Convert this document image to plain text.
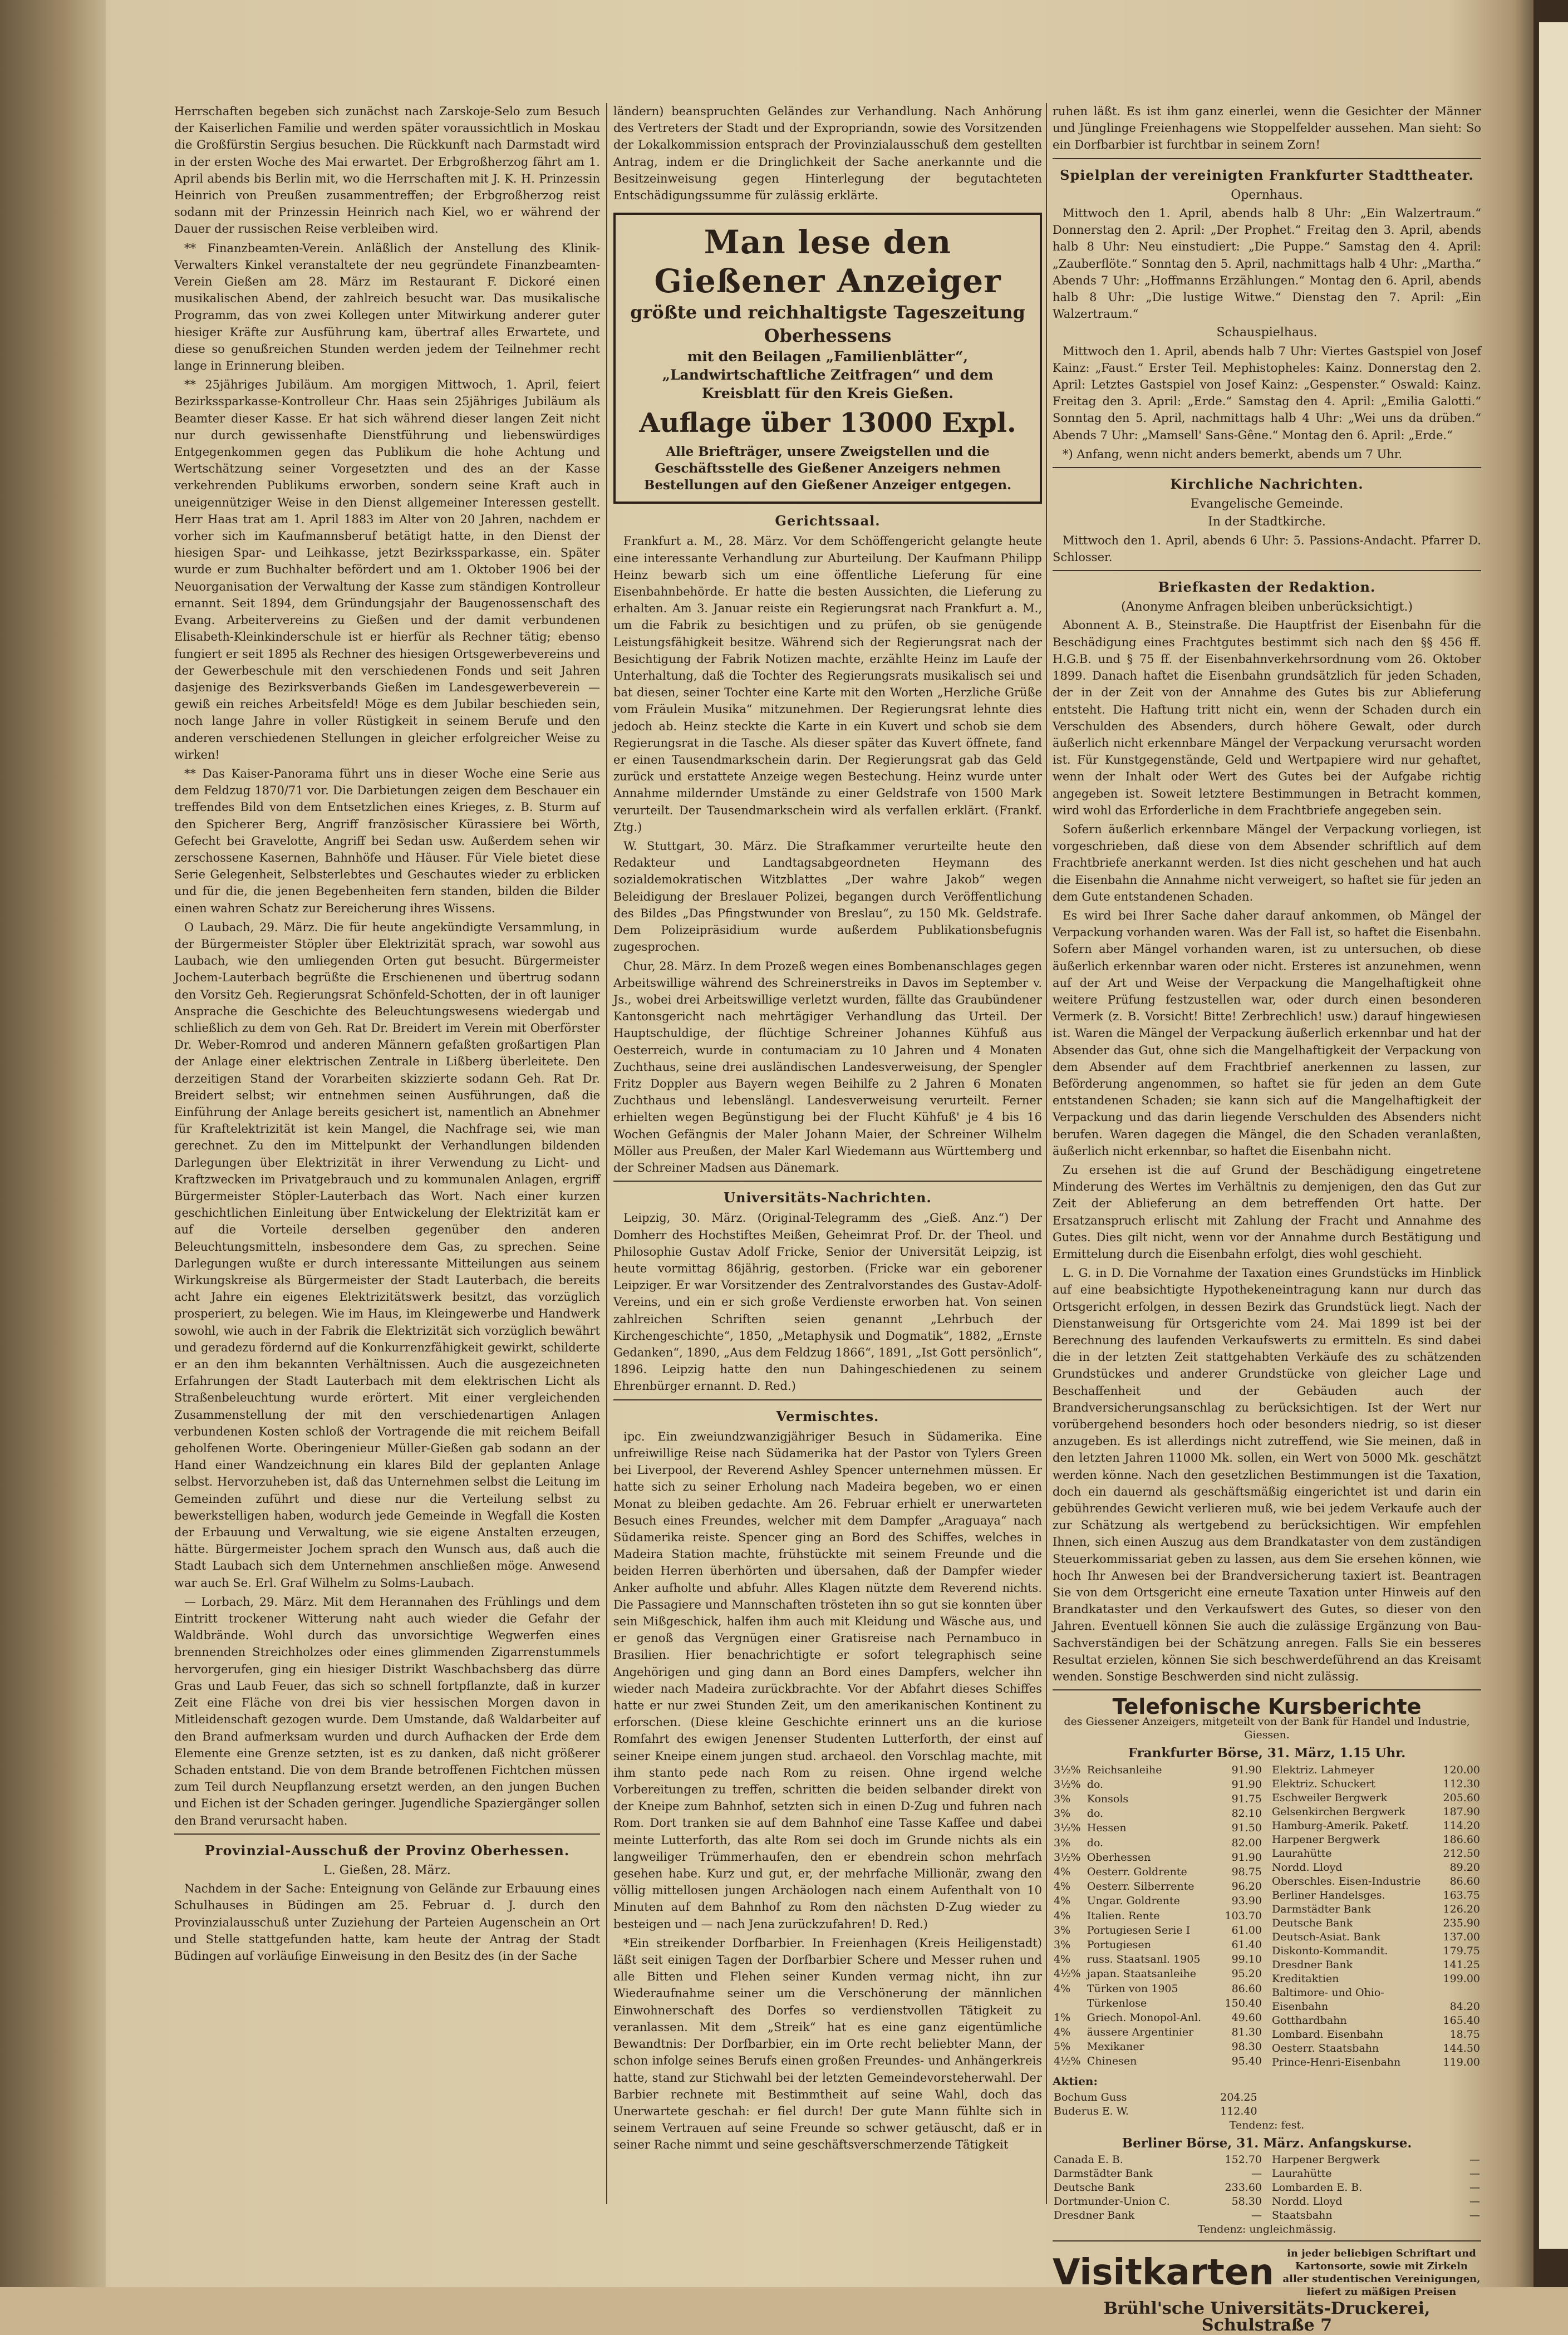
Herrschaften begeben sich zunächst nach Zarskoje-Selo zum Besuch der Kaiserlichen Familie und werden später voraussichtlich in Moskau die Großfürstin Sergius besuchen. Die Rückkunft nach Darmstadt wird in der ersten Woche des Mai erwartet. Der Erbgroßherzog fährt am 1. April abends bis Berlin mit, wo die Herrschaften mit J. K. H. Prinzessin Heinrich von Preußen zusammentreffen; der Erbgroßherzog reist sodann mit der Prinzessin Heinrich nach Kiel, wo er während der Dauer der russischen Reise verbleiben wird.

** Finanzbeamten-Verein. Anläßlich der Anstellung des Klinik-Verwalters Kinkel veranstaltete der neu gegründete Finanzbeamten-Verein Gießen am 28. März im Restaurant F. Dickoré einen musikalischen Abend, der zahlreich besucht war. Das musikalische Programm, das von zwei Kollegen unter Mitwirkung anderer guter hiesiger Kräfte zur Ausführung kam, übertraf alles Erwartete, und diese so genußreichen Stunden werden jedem der Teilnehmer recht lange in Erinnerung bleiben.

** 25jähriges Jubiläum. Am morgigen Mittwoch, 1. April, feiert Bezirkssparkasse-Kontrolleur Chr. Haas sein 25jähriges Jubiläum als Beamter dieser Kasse. Er hat sich während dieser langen Zeit nicht nur durch gewissenhafte Dienstführung und liebenswürdiges Entgegenkommen gegen das Publikum die hohe Achtung und Wertschätzung seiner Vorgesetzten und des an der Kasse verkehrenden Publikums erworben, sondern seine Kraft auch in uneigennütziger Weise in den Dienst allgemeiner Interessen gestellt. Herr Haas trat am 1. April 1883 im Alter von 20 Jahren, nachdem er vorher sich im Kaufmannsberuf betätigt hatte, in den Dienst der hiesigen Spar- und Leihkasse, jetzt Bezirkssparkasse, ein. Später wurde er zum Buchhalter befördert und am 1. Oktober 1906 bei der Neuorganisation der Verwaltung der Kasse zum ständigen Kontrolleur ernannt. Seit 1894, dem Gründungsjahr der Baugenossenschaft des Evang. Arbeitervereins zu Gießen und der damit verbundenen Elisabeth-Kleinkinderschule ist er hierfür als Rechner tätig; ebenso fungiert er seit 1895 als Rechner des hiesigen Ortsgewerbevereins und der Gewerbeschule mit den verschiedenen Fonds und seit Jahren dasjenige des Bezirksverbands Gießen im Landesgewerbeverein — gewiß ein reiches Arbeitsfeld! Möge es dem Jubilar beschieden sein, noch lange Jahre in voller Rüstigkeit in seinem Berufe und den anderen verschiedenen Stellungen in gleicher erfolgreicher Weise zu wirken!

** Das Kaiser-Panorama führt uns in dieser Woche eine Serie aus dem Feldzug 1870/71 vor. Die Darbietungen zeigen dem Beschauer ein treffendes Bild von dem Entsetzlichen eines Krieges, z. B. Sturm auf den Spicherer Berg, Angriff französischer Kürassiere bei Wörth, Gefecht bei Gravelotte, Angriff bei Sedan usw. Außerdem sehen wir zerschossene Kasernen, Bahnhöfe und Häuser. Für Viele bietet diese Serie Gelegenheit, Selbsterlebtes und Geschautes wieder zu erblicken und für die, die jenen Begebenheiten fern standen, bilden die Bilder einen wahren Schatz zur Bereicherung ihres Wissens.

O Laubach, 29. März. Die für heute angekündigte Versammlung, in der Bürgermeister Stöpler über Elektrizität sprach, war sowohl aus Laubach, wie den umliegenden Orten gut besucht. Bürgermeister Jochem-Lauterbach begrüßte die Erschienenen und übertrug sodann den Vorsitz Geh. Regierungsrat Schönfeld-Schotten, der in oft launiger Ansprache die Geschichte des Beleuchtungswesens wiedergab und schließlich zu dem von Geh. Rat Dr. Breidert im Verein mit Oberförster Dr. Weber-Romrod und anderen Männern gefaßten großartigen Plan der Anlage einer elektrischen Zentrale in Lißberg überleitete. Den derzeitigen Stand der Vorarbeiten skizzierte sodann Geh. Rat Dr. Breidert selbst; wir entnehmen seinen Ausführungen, daß die Einführung der Anlage bereits gesichert ist, namentlich an Abnehmer für Kraftelektrizität ist kein Mangel, die Nachfrage sei, wie man gerechnet. Zu den im Mittelpunkt der Verhandlungen bildenden Darlegungen über Elektrizität in ihrer Verwendung zu Licht- und Kraftzwecken im Privatgebrauch und zu kommunalen Anlagen, ergriff Bürgermeister Stöpler-Lauterbach das Wort. Nach einer kurzen geschichtlichen Einleitung über Entwickelung der Elektrizität kam er auf die Vorteile derselben gegenüber den anderen Beleuchtungsmitteln, insbesondere dem Gas, zu sprechen. Seine Darlegungen wußte er durch interessante Mitteilungen aus seinem Wirkungskreise als Bürgermeister der Stadt Lauterbach, die bereits acht Jahre ein eigenes Elektrizitätswerk besitzt, das vorzüglich prosperiert, zu belegen. Wie im Haus, im Kleingewerbe und Handwerk sowohl, wie auch in der Fabrik die Elektrizität sich vorzüglich bewährt und geradezu fördernd auf die Konkurrenzfähigkeit gewirkt, schilderte er an den ihm bekannten Verhältnissen. Auch die ausgezeichneten Erfahrungen der Stadt Lauterbach mit dem elektrischen Licht als Straßenbeleuchtung wurde erörtert. Mit einer vergleichenden Zusammenstellung der mit den verschiedenartigen Anlagen verbundenen Kosten schloß der Vortragende die mit reichem Beifall geholfenen Worte. Oberingenieur Müller-Gießen gab sodann an der Hand einer Wandzeichnung ein klares Bild der geplanten Anlage selbst. Hervorzuheben ist, daß das Unternehmen selbst die Leitung im Gemeinden zuführt und diese nur die Verteilung selbst zu bewerkstelligen haben, wodurch jede Gemeinde in Wegfall die Kosten der Erbauung und Verwaltung, wie sie eigene Anstalten erzeugen, hätte. Bürgermeister Jochem sprach den Wunsch aus, daß auch die Stadt Laubach sich dem Unternehmen anschließen möge. Anwesend war auch Se. Erl. Graf Wilhelm zu Solms-Laubach.

— Lorbach, 29. März. Mit dem Herannahen des Frühlings und dem Eintritt trockener Witterung naht auch wieder die Gefahr der Waldbrände. Wohl durch das unvorsichtige Wegwerfen eines brennenden Streichholzes oder eines glimmenden Zigarrenstummels hervorgerufen, ging ein hiesiger Distrikt Waschbachsberg das dürre Gras und Laub Feuer, das sich so schnell fortpflanzte, daß in kurzer Zeit eine Fläche von drei bis vier hessischen Morgen davon in Mitleidenschaft gezogen wurde. Dem Umstande, daß Waldarbeiter auf den Brand aufmerksam wurden und durch Aufhacken der Erde dem Elemente eine Grenze setzten, ist es zu danken, daß nicht größerer Schaden entstand. Die von dem Brande betroffenen Fichtchen müssen zum Teil durch Neupflanzung ersetzt werden, an den jungen Buchen und Eichen ist der Schaden geringer. Jugendliche Spaziergänger sollen den Brand verursacht haben.

Provinzial-Ausschuß der Provinz Oberhessen.
L. Gießen, 28. März.

Nachdem in der Sache: Enteignung von Gelände zur Erbauung eines Schulhauses in Büdingen am 25. Februar d. J. durch den Provinzialausschuß unter Zuziehung der Parteien Augenschein an Ort und Stelle stattgefunden hatte, kam heute der Antrag der Stadt Büdingen auf vorläufige Einweisung in den Besitz des (in der Sache

ländern) beanspruchten Geländes zur Verhandlung. Nach Anhörung des Vertreters der Stadt und der Expropriandn, sowie des Vorsitzenden der Lokalkommission entsprach der Provinzialausschuß dem gestellten Antrag, indem er die Dringlichkeit der Sache anerkannte und die Besitzeinweisung gegen Hinterlegung der begutachteten Entschädigungssumme für zulässig erklärte.

Man lese den Gießener Anzeiger
größte und reichhaltigste Tageszeitung Oberhessens
mit den Beilagen „Familienblätter“, „Landwirtschaftliche Zeitfragen“ und dem Kreisblatt für den Kreis Gießen.
Auflage über 13000 Expl.
Alle Briefträger, unsere Zweigstellen und die Geschäftsstelle des Gießener Anzeigers nehmen Bestellungen auf den Gießener Anzeiger entgegen.
Gerichtssaal.

Frankfurt a. M., 28. März. Vor dem Schöffengericht gelangte heute eine interessante Verhandlung zur Aburteilung. Der Kaufmann Philipp Heinz bewarb sich um eine öffentliche Lieferung für eine Eisenbahnbehörde. Er hatte die besten Aussichten, die Lieferung zu erhalten. Am 3. Januar reiste ein Regierungsrat nach Frankfurt a. M., um die Fabrik zu besichtigen und zu prüfen, ob sie genügende Leistungsfähigkeit besitze. Während sich der Regierungsrat nach der Besichtigung der Fabrik Notizen machte, erzählte Heinz im Laufe der Unterhaltung, daß die Tochter des Regierungsrats musikalisch sei und bat diesen, seiner Tochter eine Karte mit den Worten „Herzliche Grüße vom Fräulein Musika“ mitzunehmen. Der Regierungsrat lehnte dies jedoch ab. Heinz steckte die Karte in ein Kuvert und schob sie dem Regierungsrat in die Tasche. Als dieser später das Kuvert öffnete, fand er einen Tausendmarkschein darin. Der Regierungsrat gab das Geld zurück und erstattete Anzeige wegen Bestechung. Heinz wurde unter Annahme mildernder Umstände zu einer Geldstrafe von 1500 Mark verurteilt. Der Tausendmarkschein wird als verfallen erklärt. (Frankf. Ztg.)

W. Stuttgart, 30. März. Die Strafkammer verurteilte heute den Redakteur und Landtagsabgeordneten Heymann des sozialdemokratischen Witzblattes „Der wahre Jakob“ wegen Beleidigung der Breslauer Polizei, begangen durch Veröffentlichung des Bildes „Das Pfingstwunder von Breslau“, zu 150 Mk. Geldstrafe. Dem Polizeipräsidium wurde außerdem Publikationsbefugnis zugesprochen.

Chur, 28. März. In dem Prozeß wegen eines Bombenanschlages gegen Arbeitswillige während des Schreinerstreiks in Davos im September v. Js., wobei drei Arbeitswillige verletzt wurden, fällte das Graubündener Kantonsgericht nach mehrtägiger Verhandlung das Urteil. Der Hauptschuldige, der flüchtige Schreiner Johannes Kühfuß aus Oesterreich, wurde in contumaciam zu 10 Jahren und 4 Monaten Zuchthaus, seine drei ausländischen Landesverweisung, der Spengler Fritz Doppler aus Bayern wegen Beihilfe zu 2 Jahren 6 Monaten Zuchthaus und lebenslängl. Landesverweisung verurteilt. Ferner erhielten wegen Begünstigung bei der Flucht Kühfuß' je 4 bis 16 Wochen Gefängnis der Maler Johann Maier, der Schreiner Wilhelm Möller aus Preußen, der Maler Karl Wiedemann aus Württemberg und der Schreiner Madsen aus Dänemark.

Universitäts-Nachrichten.

Leipzig, 30. März. (Original-Telegramm des „Gieß. Anz.“) Der Domherr des Hochstiftes Meißen, Geheimrat Prof. Dr. der Theol. und Philosophie Gustav Adolf Fricke, Senior der Universität Leipzig, ist heute vormittag 86jährig, gestorben. (Fricke war ein geborener Leipziger. Er war Vorsitzender des Zentralvorstandes des Gustav-Adolf-Vereins, und ein er sich große Verdienste erworben hat. Von seinen zahlreichen Schriften seien genannt „Lehrbuch der Kirchengeschichte“, 1850, „Metaphysik und Dogmatik“, 1882, „Ernste Gedanken“, 1890, „Aus dem Feldzug 1866“, 1891, „Ist Gott persönlich“, 1896. Leipzig hatte den nun Dahingeschiedenen zu seinem Ehrenbürger ernannt. D. Red.)

Vermischtes.

ipc. Ein zweiundzwanzigjähriger Besuch in Südamerika. Eine unfreiwillige Reise nach Südamerika hat der Pastor von Tylers Green bei Liverpool, der Reverend Ashley Spencer unternehmen müssen. Er hatte sich zu seiner Erholung nach Madeira begeben, wo er einen Monat zu bleiben gedachte. Am 26. Februar erhielt er unerwarteten Besuch eines Freundes, welcher mit dem Dampfer „Araguaya“ nach Südamerika reiste. Spencer ging an Bord des Schiffes, welches in Madeira Station machte, frühstückte mit seinem Freunde und die beiden Herren überhörten und übersahen, daß der Dampfer wieder Anker aufholte und abfuhr. Alles Klagen nützte dem Reverend nichts. Die Passagiere und Mannschaften trösteten ihn so gut sie konnten über sein Mißgeschick, halfen ihm auch mit Kleidung und Wäsche aus, und er genoß das Vergnügen einer Gratisreise nach Pernambuco in Brasilien. Hier benachrichtigte er sofort telegraphisch seine Angehörigen und ging dann an Bord eines Dampfers, welcher ihn wieder nach Madeira zurückbrachte. Vor der Abfahrt dieses Schiffes hatte er nur zwei Stunden Zeit, um den amerikanischen Kontinent zu erforschen. (Diese kleine Geschichte erinnert uns an die kuriose Romfahrt des ewigen Jenenser Studenten Lutterforth, der einst auf seiner Kneipe einem jungen stud. archaeol. den Vorschlag machte, mit ihm stanto pede nach Rom zu reisen. Ohne irgend welche Vorbereitungen zu treffen, schritten die beiden selbander direkt von der Kneipe zum Bahnhof, setzten sich in einen D-Zug und fuhren nach Rom. Dort tranken sie auf dem Bahnhof eine Tasse Kaffee und dabei meinte Lutterforth, das alte Rom sei doch im Grunde nichts als ein langweiliger Trümmerhaufen, den er ebendrein schon mehrfach gesehen habe. Kurz und gut, er, der mehrfache Millionär, zwang den völlig mittellosen jungen Archäologen nach einem Aufenthalt von 10 Minuten auf dem Bahnhof zu Rom den nächsten D-Zug wieder zu besteigen und — nach Jena zurückzufahren! D. Red.)

*Ein streikender Dorfbarbier. In Freienhagen (Kreis Heiligenstadt) läßt seit einigen Tagen der Dorfbarbier Schere und Messer ruhen und alle Bitten und Flehen seiner Kunden vermag nicht, ihn zur Wiederaufnahme seiner um die Verschönerung der männlichen Einwohnerschaft des Dorfes so verdienstvollen Tätigkeit zu veranlassen. Mit dem „Streik“ hat es eine ganz eigentümliche Bewandtnis: Der Dorfbarbier, ein im Orte recht beliebter Mann, der schon infolge seines Berufs einen großen Freundes- und Anhängerkreis hatte, stand zur Stichwahl bei der letzten Gemeindevorsteherwahl. Der Barbier rechnete mit Bestimmtheit auf seine Wahl, doch das Unerwartete geschah: er fiel durch! Der gute Mann fühlte sich in seinem Vertrauen auf seine Freunde so schwer getäuscht, daß er in seiner Rache nimmt und seine geschäftsverschmerzende Tätigkeit

ruhen läßt. Es ist ihm ganz einerlei, wenn die Gesichter der Männer und Jünglinge Freienhagens wie Stoppelfelder aussehen. Man sieht: So ein Dorfbarbier ist furchtbar in seinem Zorn!

Spielplan der vereinigten Frankfurter Stadttheater.
Opernhaus.

Mittwoch den 1. April, abends halb 8 Uhr: „Ein Walzertraum.“ Donnerstag den 2. April: „Der Prophet.“ Freitag den 3. April, abends halb 8 Uhr: Neu einstudiert: „Die Puppe.“ Samstag den 4. April: „Zauberflöte.“ Sonntag den 5. April, nachmittags halb 4 Uhr: „Martha.“ Abends 7 Uhr: „Hoffmanns Erzählungen.“ Montag den 6. April, abends halb 8 Uhr: „Die lustige Witwe.“ Dienstag den 7. April: „Ein Walzertraum.“

Schauspielhaus.

Mittwoch den 1. April, abends halb 7 Uhr: Viertes Gastspiel von Josef Kainz: „Faust.“ Erster Teil. Mephistopheles: Kainz. Donnerstag den 2. April: Letztes Gastspiel von Josef Kainz: „Gespenster.“ Oswald: Kainz. Freitag den 3. April: „Erde.“ Samstag den 4. April: „Emilia Galotti.“ Sonntag den 5. April, nachmittags halb 4 Uhr: „Wei uns da drüben.“ Abends 7 Uhr: „Mamsell' Sans-Gêne.“ Montag den 6. April: „Erde.“

*) Anfang, wenn nicht anders bemerkt, abends um 7 Uhr.

Kirchliche Nachrichten.
Evangelische Gemeinde.
In der Stadtkirche.

Mittwoch den 1. April, abends 6 Uhr: 5. Passions-Andacht. Pfarrer D. Schlosser.

Briefkasten der Redaktion.
(Anonyme Anfragen bleiben unberücksichtigt.)

Abonnent A. B., Steinstraße. Die Hauptfrist der Eisenbahn für die Beschädigung eines Frachtgutes bestimmt sich nach den §§ 456 ff. H.G.B. und § 75 ff. der Eisenbahnverkehrsordnung vom 26. Oktober 1899. Danach haftet die Eisenbahn grundsätzlich für jeden Schaden, der in der Zeit von der Annahme des Gutes bis zur Ablieferung entsteht. Die Haftung tritt nicht ein, wenn der Schaden durch ein Verschulden des Absenders, durch höhere Gewalt, oder durch äußerlich nicht erkennbare Mängel der Verpackung verursacht worden ist. Für Kunstgegenstände, Geld und Wertpapiere wird nur gehaftet, wenn der Inhalt oder Wert des Gutes bei der Aufgabe richtig angegeben ist. Soweit letztere Bestimmungen in Betracht kommen, wird wohl das Erforderliche in dem Frachtbriefe angegeben sein.

Sofern äußerlich erkennbare Mängel der Verpackung vorliegen, ist vorgeschrieben, daß diese von dem Absender schriftlich auf dem Frachtbriefe anerkannt werden. Ist dies nicht geschehen und hat auch die Eisenbahn die Annahme nicht verweigert, so haftet sie für jeden an dem Gute entstandenen Schaden.

Es wird bei Ihrer Sache daher darauf ankommen, ob Mängel der Verpackung vorhanden waren. Was der Fall ist, so haftet die Eisenbahn. Sofern aber Mängel vorhanden waren, ist zu untersuchen, ob diese äußerlich erkennbar waren oder nicht. Ersteres ist anzunehmen, wenn auf der Art und Weise der Verpackung die Mangelhaftigkeit ohne weitere Prüfung festzustellen war, oder durch einen besonderen Vermerk (z. B. Vorsicht! Bitte! Zerbrechlich! usw.) darauf hingewiesen ist. Waren die Mängel der Verpackung äußerlich erkennbar und hat der Absender das Gut, ohne sich die Mangelhaftigkeit der Verpackung von dem Absender auf dem Frachtbrief anerkennen zu lassen, zur Beförderung angenommen, so haftet sie für jeden an dem Gute entstandenen Schaden; sie kann sich auf die Mangelhaftigkeit der Verpackung und das darin liegende Verschulden des Absenders nicht berufen. Waren dagegen die Mängel, die den Schaden veranlaßten, äußerlich nicht erkennbar, so haftet die Eisenbahn nicht.

Zu ersehen ist die auf Grund der Beschädigung eingetretene Minderung des Wertes im Verhältnis zu demjenigen, den das Gut zur Zeit der Ablieferung an dem betreffenden Ort hatte. Der Ersatzanspruch erlischt mit Zahlung der Fracht und Annahme des Gutes. Dies gilt nicht, wenn vor der Annahme durch Bestätigung und Ermittelung durch die Eisenbahn erfolgt, dies wohl geschieht.

L. G. in D. Die Vornahme der Taxation eines Grundstücks im Hinblick auf eine beabsichtigte Hypothekeneintragung kann nur durch das Ortsgericht erfolgen, in dessen Bezirk das Grundstück liegt. Nach der Dienstanweisung für Ortsgerichte vom 24. Mai 1899 ist bei der Berechnung des laufenden Verkaufswerts zu ermitteln. Es sind dabei die in der letzten Zeit stattgehabten Verkäufe des zu schätzenden Grundstückes und anderer Grundstücke von gleicher Lage und Beschaffenheit und der Gebäuden auch der Brandversicherungsanschlag zu berücksichtigen. Ist der Wert nur vorübergehend besonders hoch oder besonders niedrig, so ist dieser anzugeben. Es ist allerdings nicht zutreffend, wie Sie meinen, daß in den letzten Jahren 11000 Mk. sollen, ein Wert von 5000 Mk. geschätzt werden könne. Nach den gesetzlichen Bestimmungen ist die Taxation, doch ein dauernd als geschäftsmäßig eingerichtet ist und darin ein gebührendes Gewicht verlieren muß, wie bei jedem Verkaufe auch der zur Schätzung als wertgebend zu berücksichtigen. Wir empfehlen Ihnen, sich einen Auszug aus dem Brandkataster von dem zuständigen Steuerkommissariat geben zu lassen, aus dem Sie ersehen können, wie hoch Ihr Anwesen bei der Brandversicherung taxiert ist. Beantragen Sie von dem Ortsgericht eine erneute Taxation unter Hinweis auf den Brandkataster und den Verkaufswert des Gutes, so dieser von den Jahren. Eventuell können Sie auch die zulässige Ergänzung von Bau-Sachverständigen bei der Schätzung anregen. Falls Sie ein besseres Resultat erzielen, können Sie sich beschwerdeführend an das Kreisamt wenden. Sonstige Beschwerden sind nicht zulässig.

Telefonische Kursberichte
des Giessener Anzeigers, mitgeteilt von der Bank für Handel und Industrie, Giessen.
Frankfurter Börse, 31. März, 1.15 Uhr.
3½%	Reichsanleihe	91.90
3½%	do.	91.90
3%	Konsols	91.75
3%	do.	82.10
3½%	Hessen	91.50
3%	do.	82.00
3½%	Oberhessen	91.90
4%	Oesterr. Goldrente	98.75
4%	Oesterr. Silberrente	96.20
4%	Ungar. Goldrente	93.90
4%	Italien. Rente	103.70
3%	Portugiesen Serie I	61.00
3%	Portugiesen	61.40
4%	russ. Staatsanl. 1905	99.10
4½%	japan. Staatsanleihe	95.20
4%	Türken von 1905	86.60
	Türkenlose	150.40
1%	Griech. Monopol-Anl.	49.60
4%	äussere Argentinier	81.30
5%	Mexikaner	98.30
4½%	Chinesen	95.40
Elektriz. Lahmeyer	120.00
Elektriz. Schuckert	112.30
Eschweiler Bergwerk	205.60
Gelsenkirchen Bergwerk	187.90
Hamburg-Amerik. Paketf.	114.20
Harpener Bergwerk	186.60
Laurahütte	212.50
Nordd. Lloyd	89.20
Oberschles. Eisen-Industrie	86.60
Berliner Handelsges.	163.75
Darmstädter Bank	126.20
Deutsche Bank	235.90
Deutsch-Asiat. Bank	137.00
Diskonto-Kommandit.	179.75
Dresdner Bank	141.25
Kreditaktien	199.00
Baltimore- und Ohio-	
Eisenbahn	84.20
Gotthardbahn	165.40
Lombard. Eisenbahn	18.75
Oesterr. Staatsbahn	144.50
Prince-Henri-Eisenbahn	119.00
Aktien:
Bochum Guss	204.25
Buderus E. W.	112.40
Tendenz: fest.
Berliner Börse, 31. März. Anfangskurse.
Canada E. B.	152.70
Darmstädter Bank	—
Deutsche Bank	233.60
Dortmunder-Union C.	58.30
Dresdner Bank	—
Harpener Bergwerk	—
Laurahütte	—
Lombarden E. B.	—
Nordd. Lloyd	—
Staatsbahn	—
Tendenz: ungleichmässig.
Visitkarten	in jeder beliebigen Schriftart und Kartonsorte, sowie mit Zirkeln aller studentischen Vereinigungen, liefert zu mäßigen Preisen
Brühl'sche Universitäts-Druckerei, Schulstraße 7
